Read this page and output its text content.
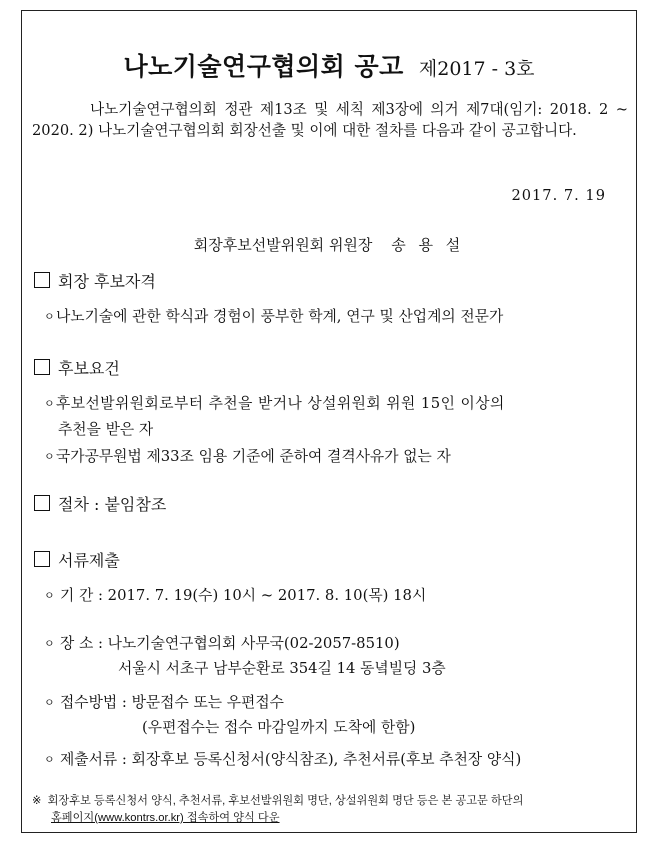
나노기술연구협의회 공고 제2017 - 3호
나노기술연구협의회 정관 제13조 및 세칙 제3장에 의거 제7대(임기: 2018. 2 ~ 2020. 2) 나노기술연구협의회 회장선출 및 이에 대한 절차를 다음과 같이 공고합니다.
2017. 7. 19
회장후보선발위원회 위원장 송 용 설
회장 후보자격
ㅇ나노기술에 관한 학식과 경험이 풍부한 학계, 연구 및 산업계의 전문가
후보요건
ㅇ후보선발위원회로부터 추천을 받거나 상설위원회 위원 15인 이상의
추천을 받은 자
ㅇ국가공무원법 제33조 임용 기준에 준하여 결격사유가 없는 자
절차 : 붙임참조
서류제출
ㅇ 기 간 : 2017. 7. 19(수) 10시 ~ 2017. 8. 10(목) 18시
ㅇ 장 소 : 나노기술연구협의회 사무국(02-2057-8510)
서울시 서초구 남부순환로 354길 14 동녘빌딩 3층
ㅇ 접수방법 : 방문접수 또는 우편접수
(우편접수는 접수 마감일까지 도착에 한함)
ㅇ 제출서류 : 회장후보 등록신청서(양식참조), 추천서류(후보 추천장 양식)
※ 회장후보 등록신청서 양식, 추천서류, 후보선발위원회 명단, 상설위원회 명단 등은 본 공고문 하단의
홈페이지(www.kontrs.or.kr) 접속하여 양식 다운
